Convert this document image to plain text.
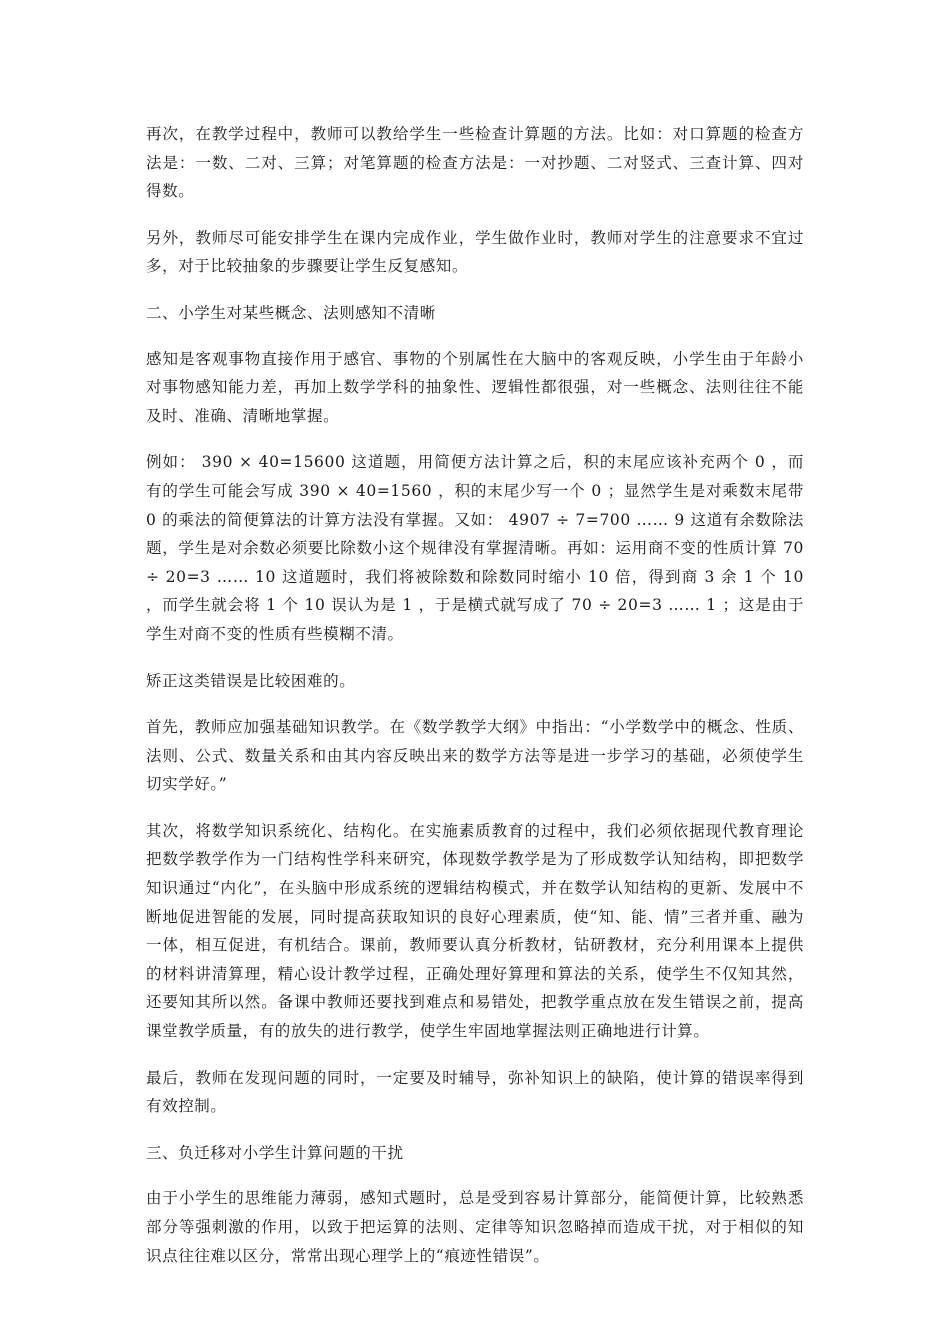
再次，在教学过程中，教师可以教给学生一些检查计算题的方法。比如：对口算题的检查方法是：一数、二对、三算；对笔算题的检查方法是：一对抄题、二对竖式、三查计算、四对得数。

另外，教师尽可能安排学生在课内完成作业，学生做作业时，教师对学生的注意要求不宜过多，对于比较抽象的步骤要让学生反复感知。

二、小学生对某些概念、法则感知不清晰

感知是客观事物直接作用于感官、事物的个别属性在大脑中的客观反映，小学生由于年龄小对事物感知能力差，再加上数学学科的抽象性、逻辑性都很强，对一些概念、法则往往不能及时、准确、清晰地掌握。

例如： 390 × 40=15600 这道题，用简便方法计算之后，积的末尾应该补充两个 0 ，而有的学生可能会写成 390 × 40=1560 ，积的末尾少写一个 0 ；显然学生是对乘数末尾带 0 的乘法的简便算法的计算方法没有掌握。又如： 4907 ÷ 7=700 …… 9 这道有余数除法题，学生是对余数必须要比除数小这个规律没有掌握清晰。再如：运用商不变的性质计算 70 ÷ 20=3 …… 10 这道题时，我们将被除数和除数同时缩小 10 倍，得到商 3 余 1 个 10 ，而学生就会将 1 个 10 误认为是 1 ，于是横式就写成了 70 ÷ 20=3 …… 1 ；这是由于学生对商不变的性质有些模糊不清。

矫正这类错误是比较困难的。

首先，教师应加强基础知识教学。在《数学教学大纲》中指出：“小学数学中的概念、性质、法则、公式、数量关系和由其内容反映出来的数学方法等是进一步学习的基础，必须使学生切实学好。”

其次，将数学知识系统化、结构化。在实施素质教育的过程中，我们必须依据现代教育理论把数学教学作为一门结构性学科来研究，体现数学教学是为了形成数学认知结构，即把数学知识通过“内化”，在头脑中形成系统的逻辑结构模式，并在数学认知结构的更新、发展中不断地促进智能的发展，同时提高获取知识的良好心理素质，使“知、能、情”三者并重、融为一体，相互促进，有机结合。课前，教师要认真分析教材，钻研教材，充分利用课本上提供的材料讲清算理，精心设计教学过程，正确处理好算理和算法的关系，使学生不仅知其然，还要知其所以然。备课中教师还要找到难点和易错处，把教学重点放在发生错误之前，提高课堂教学质量，有的放失的进行教学，使学生牢固地掌握法则正确地进行计算。

最后，教师在发现问题的同时，一定要及时辅导，弥补知识上的缺陷，使计算的错误率得到有效控制。

三、负迁移对小学生计算问题的干扰

由于小学生的思维能力薄弱，感知式题时，总是受到容易计算部分，能简便计算，比较熟悉部分等强刺激的作用，以致于把运算的法则、定律等知识忽略掉而造成干扰，对于相似的知识点往往难以区分，常常出现心理学上的“痕迹性错误”。
